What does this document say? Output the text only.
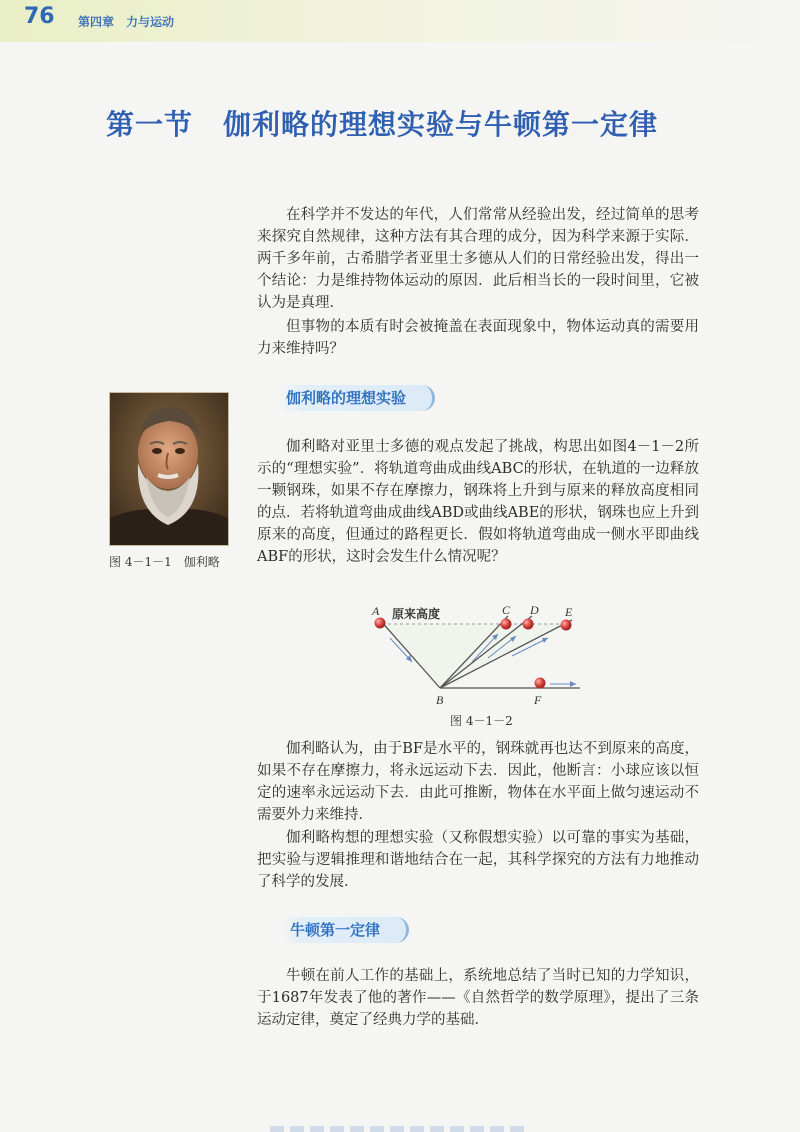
76 第四章 力与运动
第一节 伽利略的理想实验与牛顿第一定律

在科学并不发达的年代，人们常常从经验出发，经过简单的思考来探究自然规律，这种方法有其合理的成分，因为科学来源于实际．两千多年前，古希腊学者亚里士多德从人们的日常经验出发，得出一个结论：力是维持物体运动的原因．此后相当长的一段时间里，它被认为是真理．

但事物的本质有时会被掩盖在表面现象中，物体运动真的需要用力来维持吗？

伽利略的理想实验
图 4－1－1 伽利略

伽利略对亚里士多德的观点发起了挑战，构思出如图4－1－2所示的“理想实验”．将轨道弯曲成曲线ABC的形状，在轨道的一边释放一颗钢珠，如果不存在摩擦力，钢珠将上升到与原来的释放高度相同的点．若将轨道弯曲成曲线ABD或曲线ABE的形状，钢珠也应上升到原来的高度，但通过的路程更长．假如将轨道弯曲成一侧水平即曲线ABF的形状，这时会发生什么情况呢？

A 原来高度
B
C D E
F
图 4－1－2

伽利略认为，由于BF是水平的，钢珠就再也达不到原来的高度，如果不存在摩擦力，将永远运动下去．因此，他断言：小球应该以恒定的速率永远运动下去．由此可推断，物体在水平面上做匀速运动不需要外力来维持．

伽利略构想的理想实验（又称假想实验）以可靠的事实为基础，把实验与逻辑推理和谐地结合在一起，其科学探究的方法有力地推动了科学的发展．

牛顿第一定律

牛顿在前人工作的基础上，系统地总结了当时已知的力学知识，于1687年发表了他的著作——《自然哲学的数学原理》，提出了三条运动定律，奠定了经典力学的基础．
